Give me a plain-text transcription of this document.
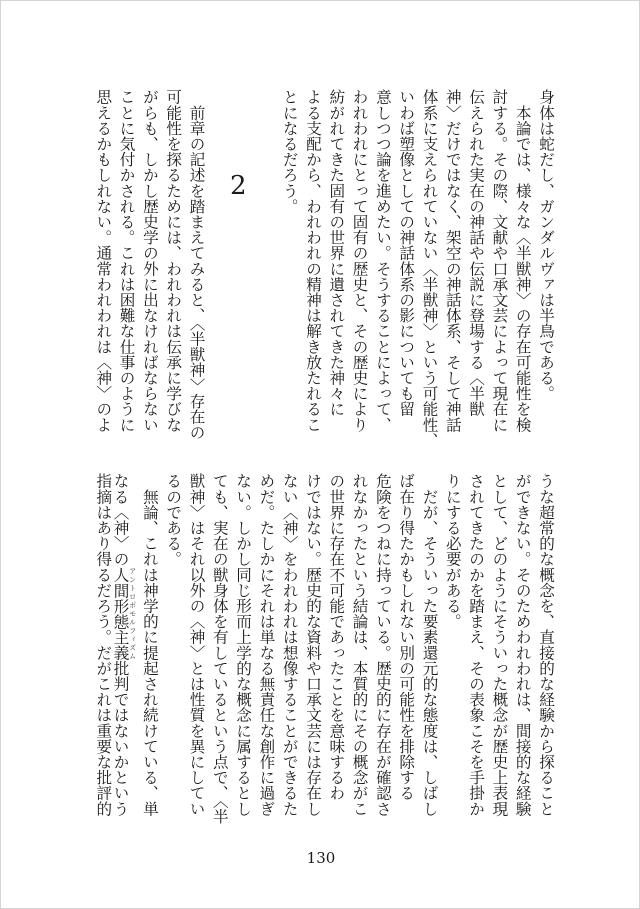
身体は蛇だし、ガンダルヴァは半鳥である。
　本論では、様々な〈半獣神〉の存在可能性を検
討する。その際、文献や口承文芸によって現在に
伝えられた実在の神話や伝説に登場する〈半獣
神〉だけではなく、架空の神話体系、そして神話
体系に支えられていない〈半獣神〉という可能性、
いわば塑像としての神話体系の影についても留
意しつつ論を進めたい。そうすることによって、
われわれにとって固有の歴史と、その歴史により
紡がれてきた固有の世界に遺されてきた神々に
よる支配から、われわれの精神は解き放たれるこ
とになるだろう。
　前章の記述を踏まえてみると、〈半獣神〉存在の
可能性を探るためには、われわれは伝承に学びな
がらも、しかし歴史学の外に出なければならない
ことに気付かされる。これは困難な仕事のように
思えるかもしれない。通常われわれは〈神〉のよ	2
なる〈神〉の人間形態主義 アントロポモルフィズム批判ではないかという
指摘はあり得るだろう。だがこれは重要な批評的	うな超常的な概念を、直接的な経験から探ること
ができない。そのためわれわれは、間接的な経験
として、どのようにそういった概念が歴史上表現
されてきたのかを踏まえ、その表象こそを手掛か
りにする必要がある。
　だが、そういった要素還元的な態度は、しばし
ば在り得たかもしれない別の可能性を排除する
危険をつねに持っている。歴史的に存在が確認さ
れなかったという結論は、本質的にその概念がこ
の世界に存在不可能であったことを意味するわ
けではない。歴史的な資料や口承文芸には存在し
ない〈神〉をわれわれは想像することができるた
めだ。たしかにそれは単なる無責任な創作に過ぎ
ない。しかし同じ形而上学的な概念に属するとし
ても、実在の獣身体を有しているという点で、〈半
獣神〉はそれ以外の〈神〉とは性質を異にしてい
るのである。
　無論、これは神学的に提起され続けている、単
130
